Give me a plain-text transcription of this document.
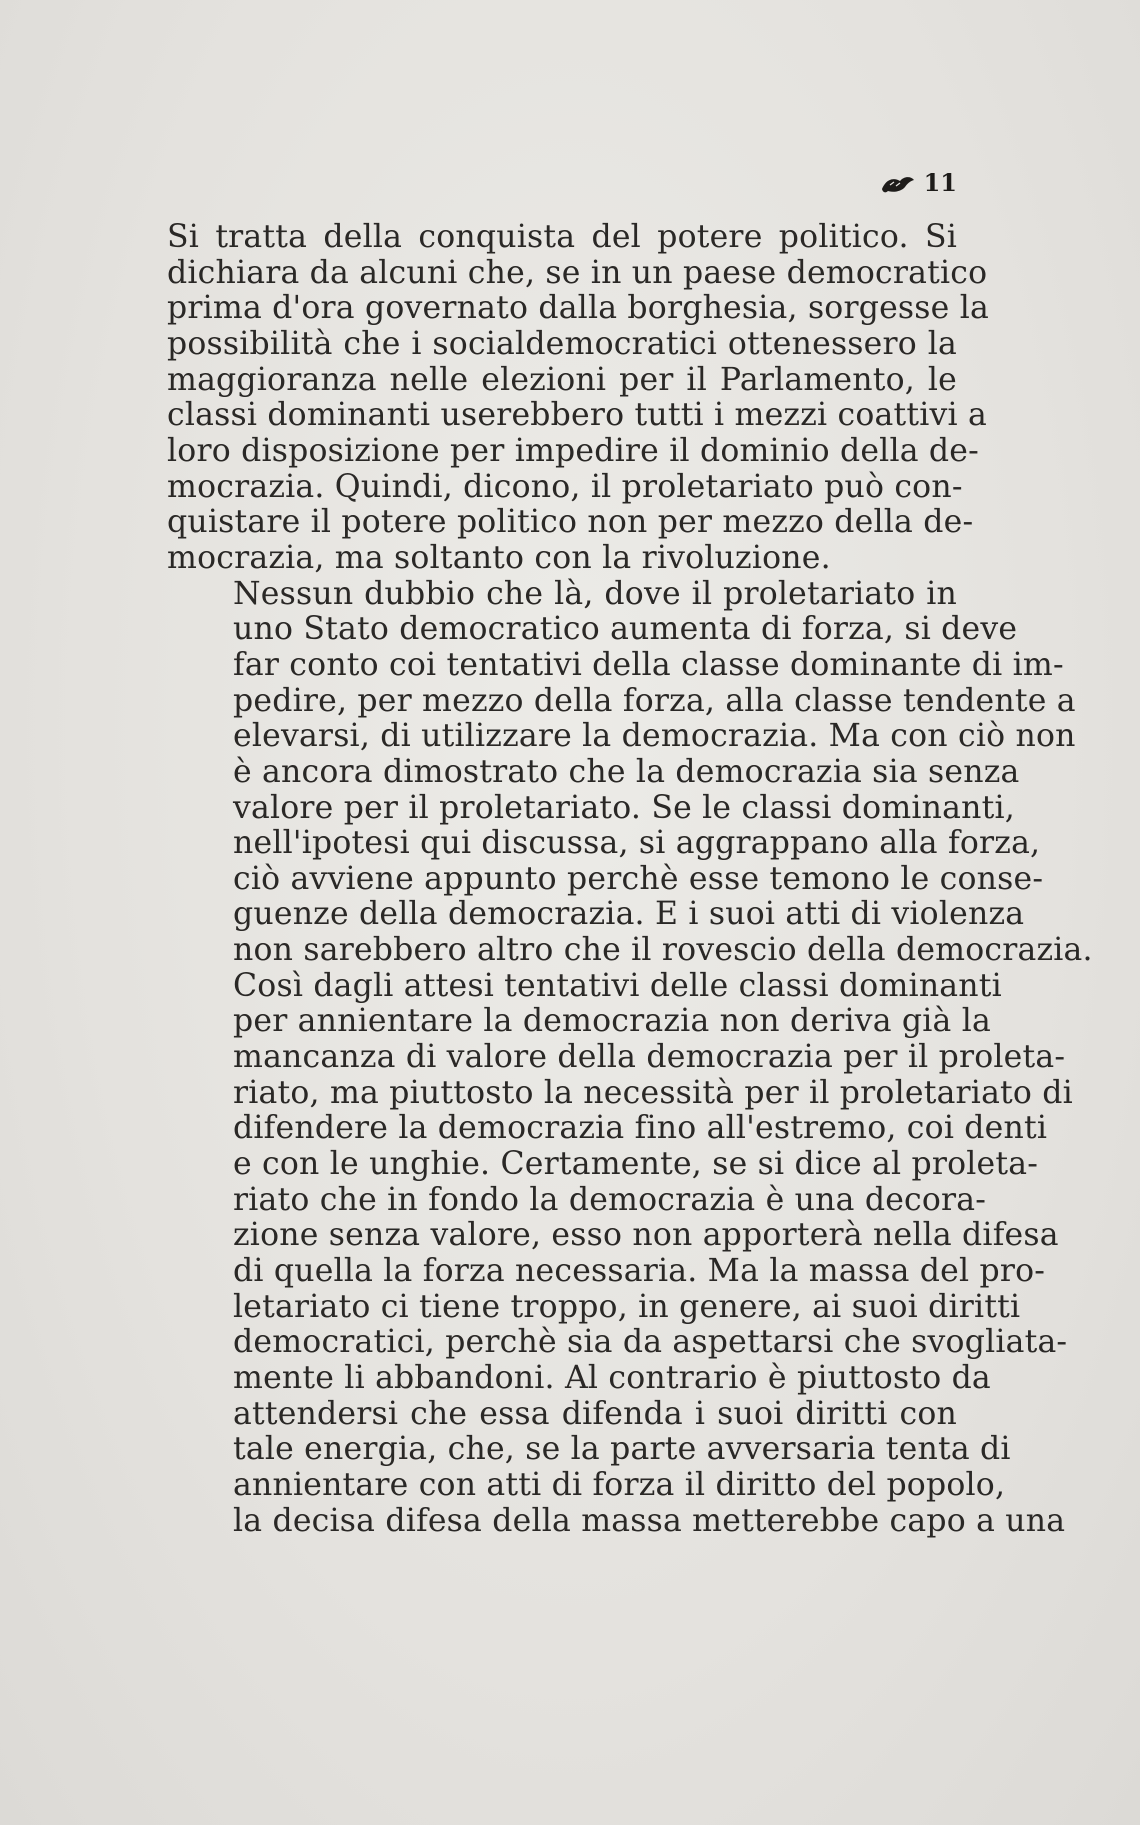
11

Si tratta della conquista del potere politico. Si
dichiara da alcuni che, se in un paese democratico
prima d'ora governato dalla borghesia, sorgesse la
possibilità che i socialdemocratici ottenessero la
maggioranza nelle elezioni per il Parlamento, le
classi dominanti userebbero tutti i mezzi coattivi a
loro disposizione per impedire il dominio della de-
mocrazia. Quindi, dicono, il proletariato può con-
quistare il potere politico non per mezzo della de-
mocrazia, ma soltanto con la rivoluzione.

Nessun dubbio che là, dove il proletariato in
uno Stato democratico aumenta di forza, si deve
far conto coi tentativi della classe dominante di im-
pedire, per mezzo della forza, alla classe tendente a
elevarsi, di utilizzare la democrazia. Ma con ciò non
è ancora dimostrato che la democrazia sia senza
valore per il proletariato. Se le classi dominanti,
nell'ipotesi qui discussa, si aggrappano alla forza,
ciò avviene appunto perchè esse temono le conse-
guenze della democrazia. E i suoi atti di violenza
non sarebbero altro che il rovescio della democrazia.

Così dagli attesi tentativi delle classi dominanti
per annientare la democrazia non deriva già la
mancanza di valore della democrazia per il proleta-
riato, ma piuttosto la necessità per il proletariato di
difendere la democrazia fino all'estremo, coi denti
e con le unghie. Certamente, se si dice al proleta-
riato che in fondo la democrazia è una decora-
zione senza valore, esso non apporterà nella difesa
di quella la forza necessaria. Ma la massa del pro-
letariato ci tiene troppo, in genere, ai suoi diritti
democratici, perchè sia da aspettarsi che svogliata-
mente li abbandoni. Al contrario è piuttosto da
attendersi che essa difenda i suoi diritti con
tale energia, che, se la parte avversaria tenta di
annientare con atti di forza il diritto del popolo,
la decisa difesa della massa metterebbe capo a una
